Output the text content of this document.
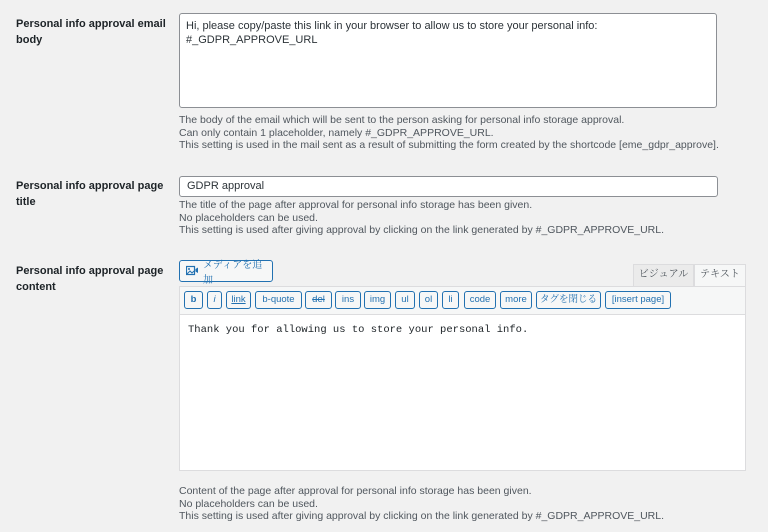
Personal info approval email
body
Hi, please copy/paste this link in your browser to allow us to store your personal info: #_GDPR_APPROVE_URL
The body of the email which will be sent to the person asking for personal info storage approval.
Can only contain 1 placeholder, namely #_GDPR_APPROVE_URL.
This setting is used in the mail sent as a result of submitting the form created by the shortcode [eme_gdpr_approve].
Personal info approval page
title
GDPR approval
The title of the page after approval for personal info storage has been given.
No placeholders can be used.
This setting is used after giving approval by clicking on the link generated by #_GDPR_APPROVE_URL.
Personal info approval page
content
メディアを追加
ビジュアル	テキスト
b	i	link	b-quote	del	ins	img	ul	ol	li	code	more	タグを閉じる	[insert page]
Thank you for allowing us to store your personal info.
Content of the page after approval for personal info storage has been given.
No placeholders can be used.
This setting is used after giving approval by clicking on the link generated by #_GDPR_APPROVE_URL.
